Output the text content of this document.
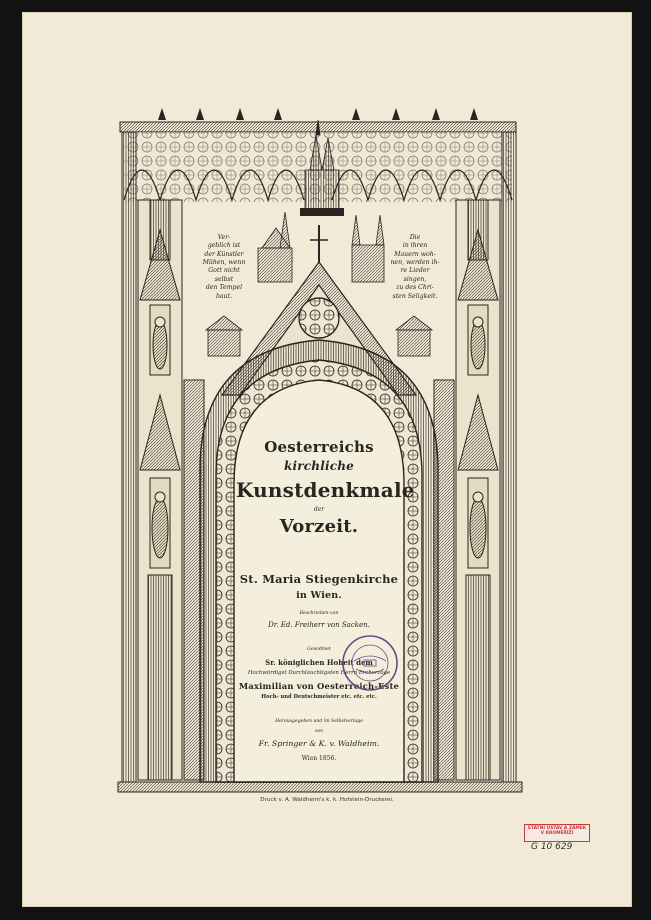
Ver-
geblich ist
der Künstler
Mühen, wenn
Gott nicht selbst
den Tempel baut.
Die
in ihren
Mauern woh-
nen, werden ih-
re Lieder singen,
zu des Chri-
sten Seligkeit.
Oesterreichs
kirchliche
Kunstdenkmale
der
Vorzeit.
St. Maria Stiegenkirche
in Wien.
Beschrieben von
Dr. Ed. Freiherr von Sacken.
Gewidmet
Sr. königlichen Hoheit dem
Hochwürdigst Durchlauchtigsten Herrn Erzherzoge
Maximilian von Oesterreich-Este
Hoch- und Deutschmeister etc. etc. etc.
Herausgegeben und im Selbstverlage
von
Fr. Springer & K. v. Waldheim.
Wien 1856.
Druck v. A. Waldheim's k. k. Hofstein-Druckerei.
ŠTÁTNÍ ÚSTAV A ZÁMEK
V KROMĚŘÍŽI
G 10 629
